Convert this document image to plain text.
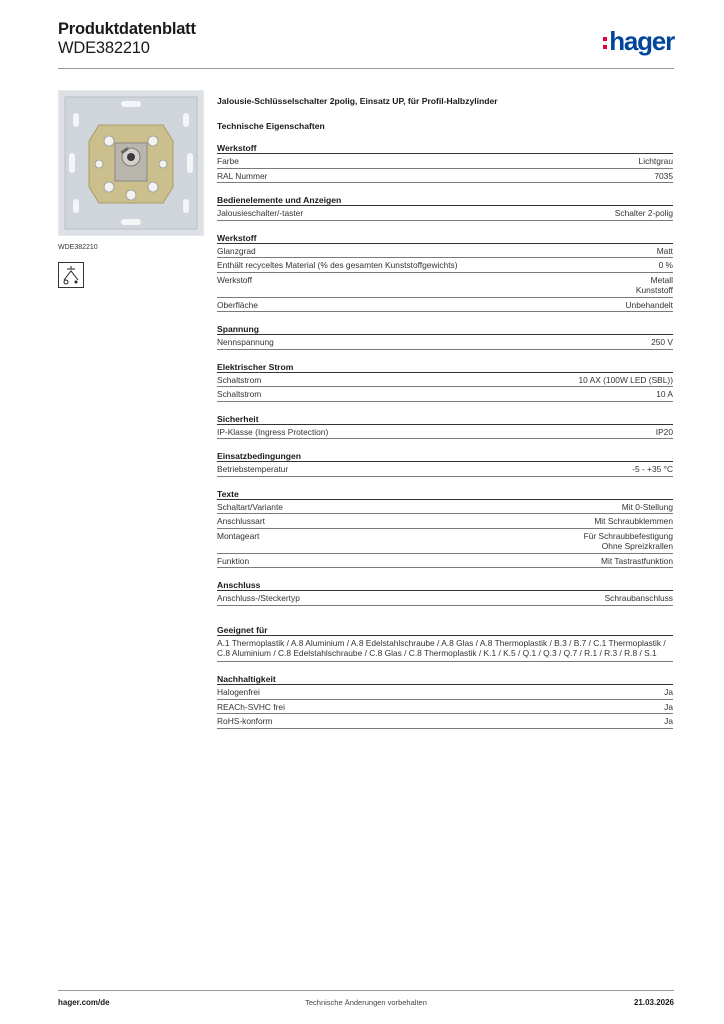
Produktdatenblatt
WDE382210	hager
WDE382210
Jalousie-Schlüsselschalter 2polig, Einsatz UP, für Profil-Halbzylinder
Technische Eigenschaften
Werkstoff
Farbe	Lichtgrau
RAL Nummer	7035
Bedienelemente und Anzeigen
Jalousieschalter/-taster	Schalter 2-polig
Werkstoff
Glanzgrad	Matt
Enthält recyceltes Material (% des gesamten Kunststoffgewichts)	0 %
Werkstoff	Metall
Kunststoff
Oberfläche	Unbehandelt
Spannung
Nennspannung	250 V
Elektrischer Strom
Schaltstrom	10 AX (100W LED (SBL))
Schaltstrom	10 A
Sicherheit
IP-Klasse (Ingress Protection)	IP20
Einsatzbedingungen
Betriebstemperatur	-5 - +35 °C
Texte
Schaltart/Variante	Mit 0-Stellung
Anschlussart	Mit Schraubklemmen
Montageart	Für Schraubbefestigung
Ohne Spreizkrallen
Funktion	Mit Tastrastfunktion
Anschluss
Anschluss-/Steckertyp	Schraubanschluss
Geeignet für
A.1 Thermoplastik / A.8 Aluminium / A.8 Edelstahlschraube / A.8 Glas / A.8 Thermoplastik / B.3 / B.7 / C.1 Thermoplastik / C.8 Aluminium / C.8 Edelstahlschraube / C.8 Glas / C.8 Thermoplastik / K.1 / K.5 / Q.1 / Q.3 / Q.7 / R.1 / R.3 / R.8 / S.1
Nachhaltigkeit
Halogenfrei	Ja
REACh-SVHC frei	Ja
RoHS-konform	Ja
hager.com/de	Technische Änderungen vorbehalten	21.03.2026
